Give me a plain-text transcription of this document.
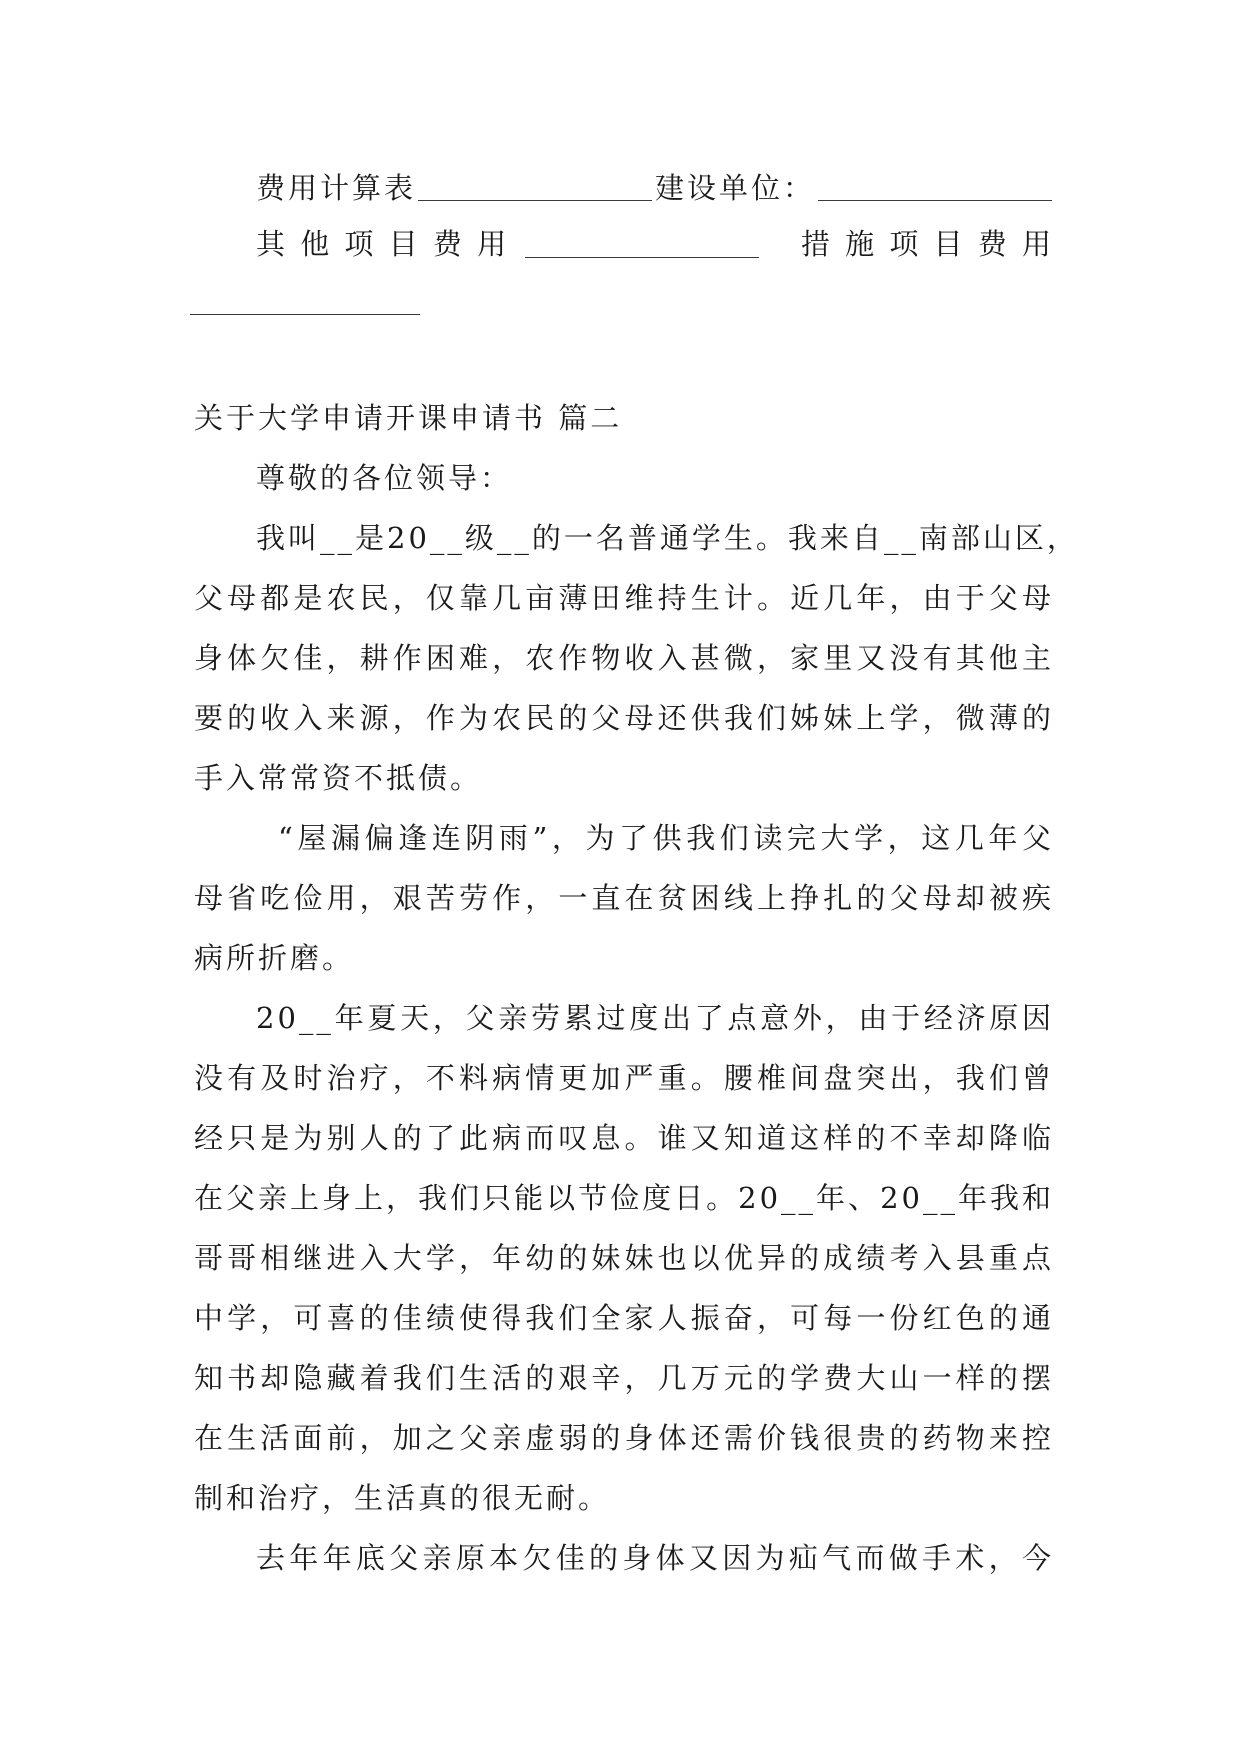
费用计算表	建设单位：
其 他 项 目 费 用	措 施 项 目 费 用
关于大学申请开课申请书 篇二
尊敬的各位领导：
我叫__是20__级__的一名普通学生。我来自__南部山区，
父母都是农民，仅靠几亩薄田维持生计。近几年，由于父母
身体欠佳，耕作困难，农作物收入甚微，家里又没有其他主
要的收入来源，作为农民的父母还供我们姊妹上学，微薄的
手入常常资不抵债。
“屋漏偏逢连阴雨”，为了供我们读完大学，这几年父
母省吃俭用，艰苦劳作，一直在贫困线上挣扎的父母却被疾
病所折磨。
20__年夏天，父亲劳累过度出了点意外，由于经济原因
没有及时治疗，不料病情更加严重。腰椎间盘突出，我们曾
经只是为别人的了此病而叹息。谁又知道这样的不幸却降临
在父亲上身上，我们只能以节俭度日。20__年、20__年我和
哥哥相继进入大学，年幼的妹妹也以优异的成绩考入县重点
中学，可喜的佳绩使得我们全家人振奋，可每一份红色的通
知书却隐藏着我们生活的艰辛，几万元的学费大山一样的摆
在生活面前，加之父亲虚弱的身体还需价钱很贵的药物来控
制和治疗，生活真的很无耐。
去年年底父亲原本欠佳的身体又因为疝气而做手术，今
